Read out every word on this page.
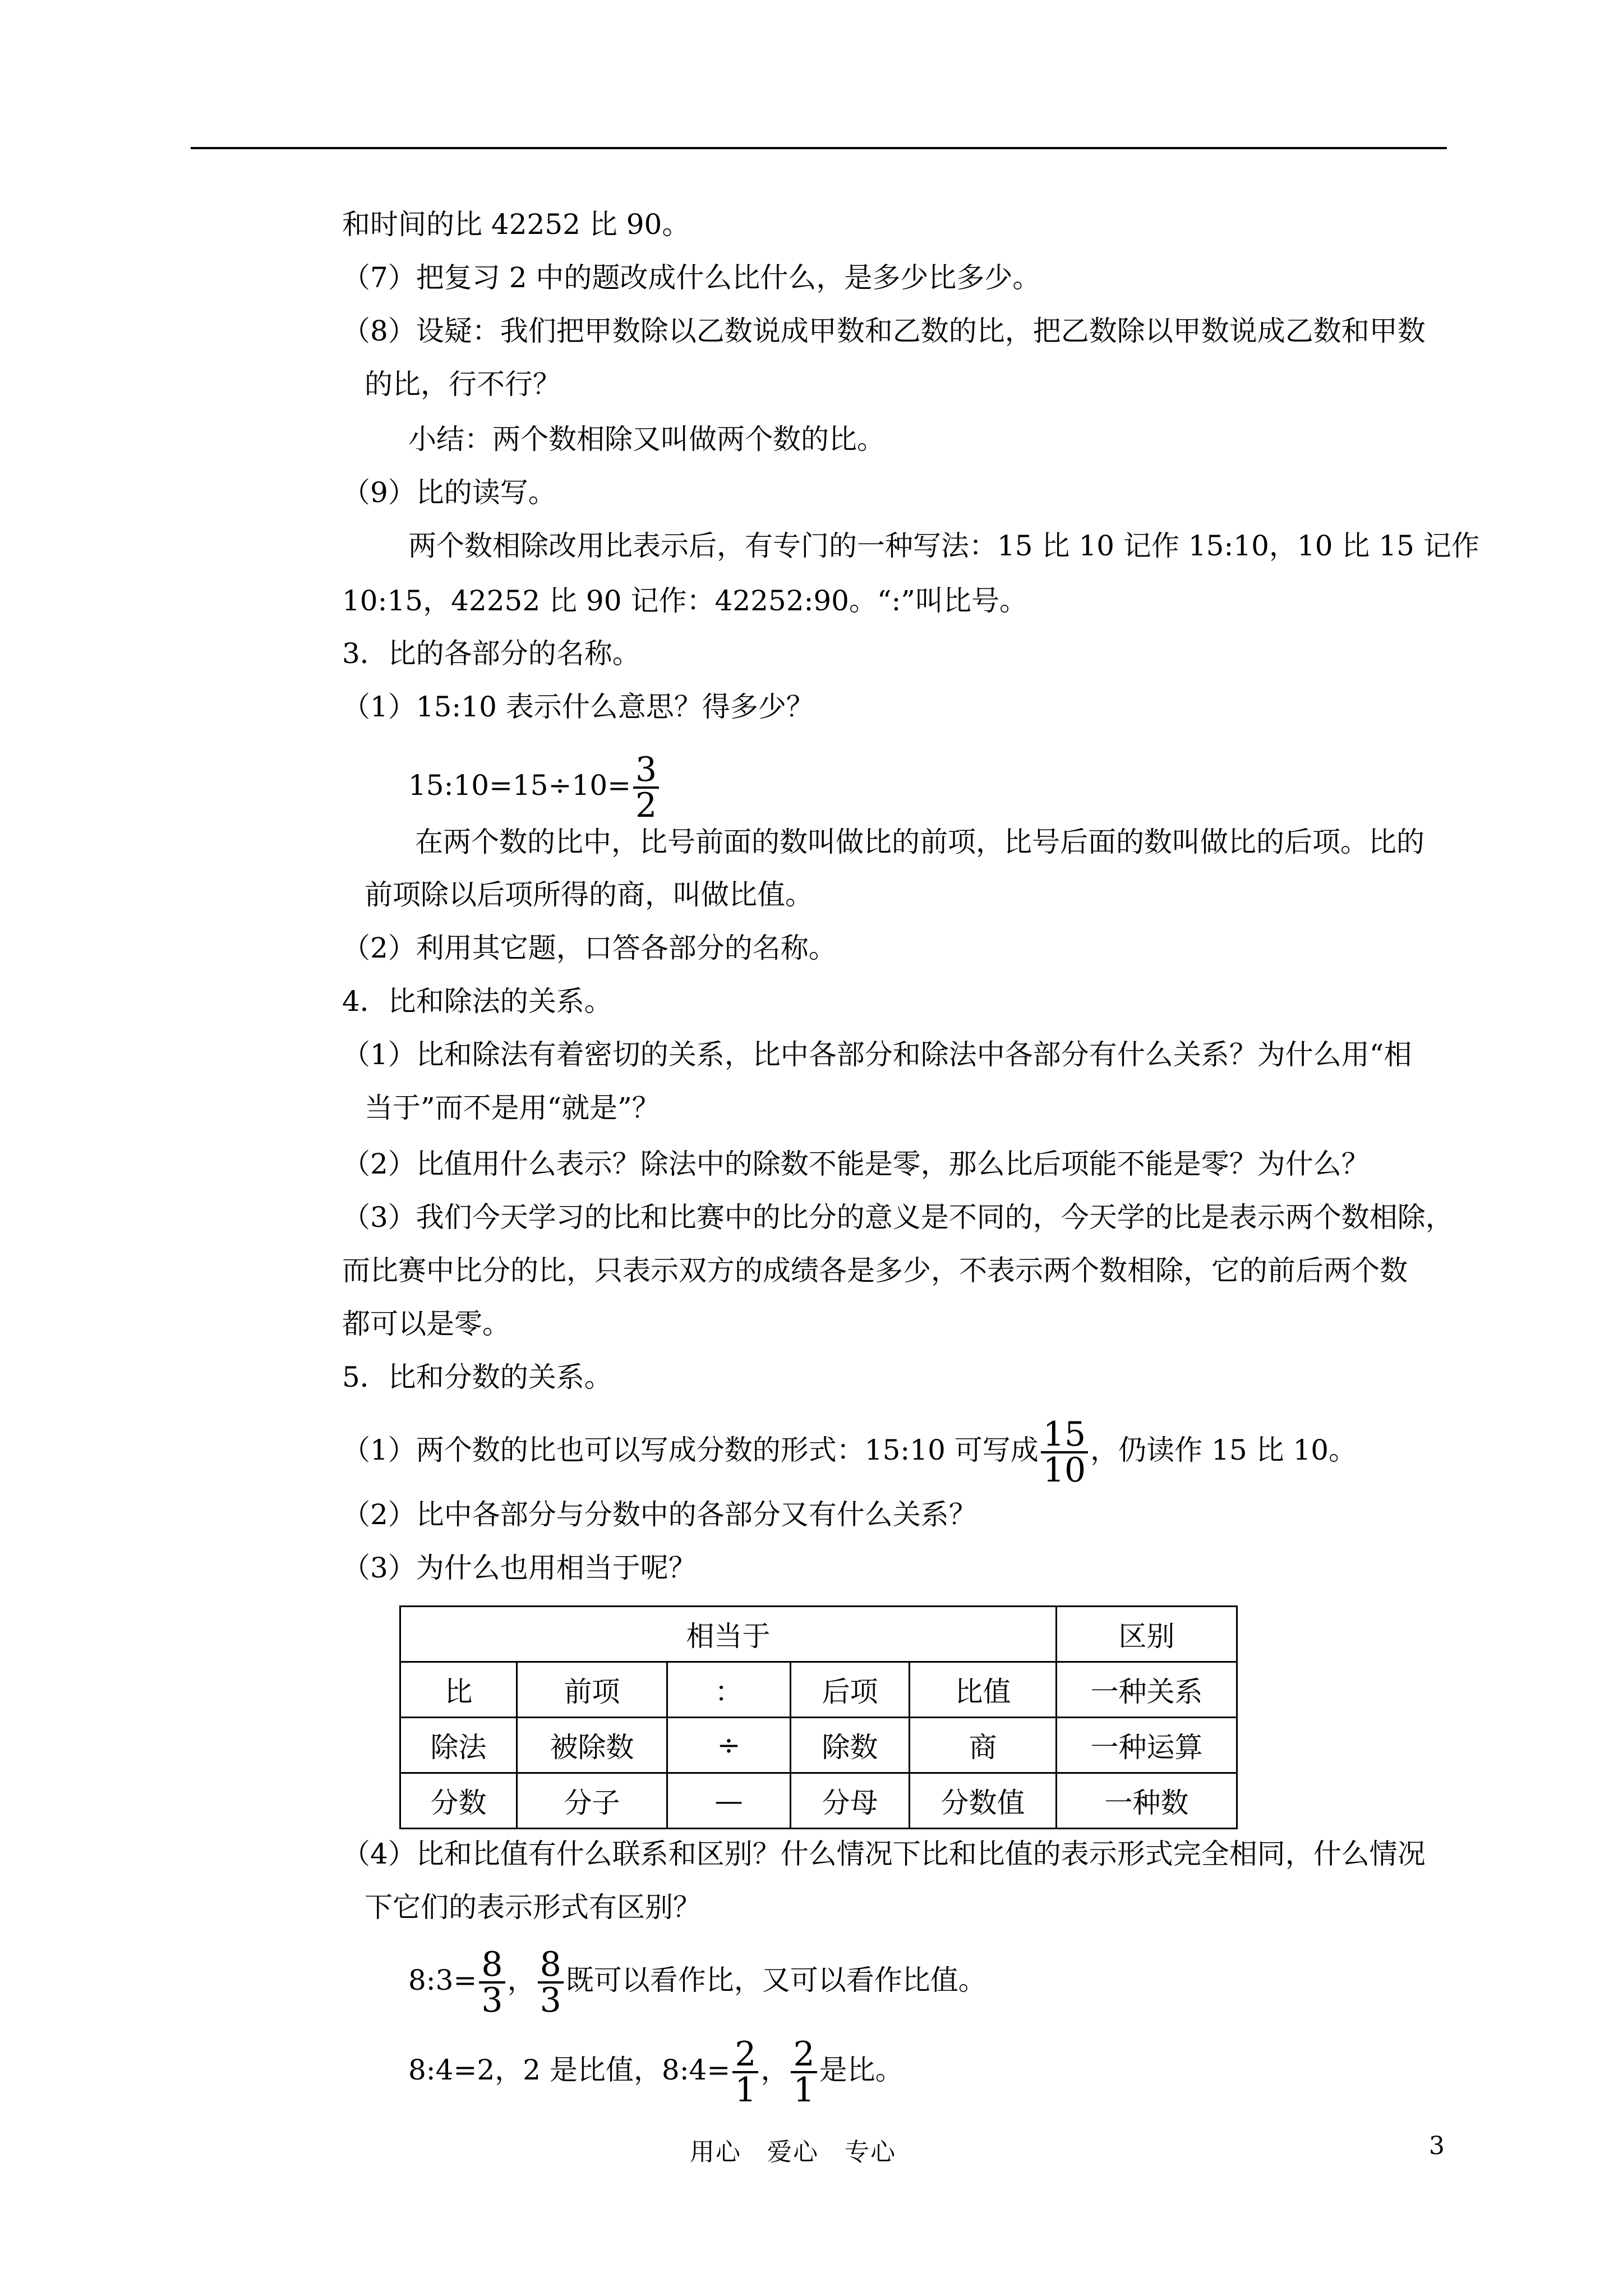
和时间的比 42252 比 90。
（7）把复习 2 中的题改成什么比什么，是多少比多少。
（8）设疑：我们把甲数除以乙数说成甲数和乙数的比，把乙数除以甲数说成乙数和甲数
的比，行不行？
小结：两个数相除又叫做两个数的比。
（9）比的读写。
两个数相除改用比表示后，有专门的一种写法：15 比 10 记作 15:10，10 比 15 记作
10:15，42252 比 90 记作：42252:90。“:”叫比号。
3．比的各部分的名称。
（1）15:10 表示什么意思？得多少？
15:10=15÷10= $\frac{3}{2}$
在两个数的比中，比号前面的数叫做比的前项，比号后面的数叫做比的后项。比的
前项除以后项所得的商，叫做比值。
（2）利用其它题，口答各部分的名称。
4．比和除法的关系。
（1）比和除法有着密切的关系，比中各部分和除法中各部分有什么关系？为什么用“相
当于”而不是用“就是”？
（2）比值用什么表示？除法中的除数不能是零，那么比后项能不能是零？为什么？
（3）我们今天学习的比和比赛中的比分的意义是不同的，今天学的比是表示两个数相除，
而比赛中比分的比，只表示双方的成绩各是多少，不表示两个数相除，它的前后两个数
都可以是零。
5．比和分数的关系。
（1）两个数的比也可以写成分数的形式：15:10 可写成 $\frac{15}{10}$ ，仍读作 15 比 10。
（2）比中各部分与分数中的各部分又有什么关系？
（3）为什么也用相当于呢？
相当于					区别
比	前项	：	后项	比值	一种关系
除法	被除数	÷	除数	商	一种运算
分数	分子	—	分母	分数值	一种数
（4）比和比值有什么联系和区别？什么情况下比和比值的表示形式完全相同，什么情况
下它们的表示形式有区别？
8:3= $\frac{8}{3}$ ， $\frac{8}{3}$ 既可以看作比，又可以看作比值。
8:4=2，2 是比值，8:4= $\frac{2}{1}$ ， $\frac{2}{1}$ 是比。
用心　爱心　专心	3
